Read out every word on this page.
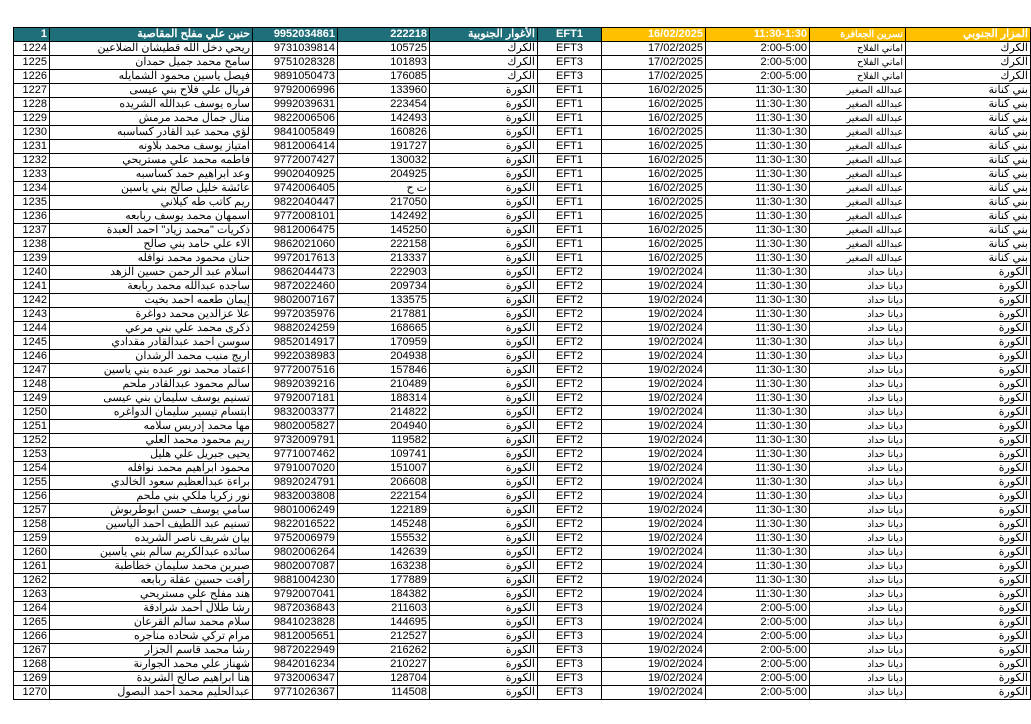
1	حنين علي مفلح المقاصبة	9952034861	222218	الأغوار الجنوبية	EFT1	16/02/2025	11:30-1:30	نسرين الجعافرة	المزار الجنوبي
1224	ريحي دخل الله قطيشان الضلاعين	9731039814	105725	الكرك	EFT3	17/02/2025	2:00-5:00	اماني الفلاح	الكرك
1225	سامح محمد جميل حمدان	9751028328	101893	الكرك	EFT3	17/02/2025	2:00-5:00	اماني الفلاح	الكرك
1226	فيصل ياسين محمود الشمايله	9891050473	176085	الكرك	EFT3	17/02/2025	2:00-5:00	اماني الفلاح	الكرك
1227	فريال علي فلاح بني عيسى	9792006996	133960	الكورة	EFT1	16/02/2025	11:30-1:30	عبدالله الصغير	بني كنانة
1228	ساره يوسف عبدالله الشريده	9992039631	223454	الكورة	EFT1	16/02/2025	11:30-1:30	عبدالله الصغير	بني كنانة
1229	منال جمال محمد مرمش	9822006506	142493	الكورة	EFT1	16/02/2025	11:30-1:30	عبدالله الصغير	بني كنانة
1230	لؤي محمد عبد القادر كساسبه	9841005849	160826	الكورة	EFT1	16/02/2025	11:30-1:30	عبدالله الصغير	بني كنانة
1231	امتياز يوسف محمد بلاونه	9812006414	191727	الكورة	EFT1	16/02/2025	11:30-1:30	عبدالله الصغير	بني كنانة
1232	فاطمه محمد علي مستريحي	9772007427	130032	الكورة	EFT1	16/02/2025	11:30-1:30	عبدالله الصغير	بني كنانة
1233	وعد ابراهيم حمد كساسبه	9902040925	204925	الكورة	EFT1	16/02/2025	11:30-1:30	عبدالله الصغير	بني كنانة
1234	عائشة خليل صالح بني ياسين	9742006405	ت ح	الكورة	EFT1	16/02/2025	11:30-1:30	عبدالله الصغير	بني كنانة
1235	ريم كاتب طه كيلاني	9822040447	217050	الكورة	EFT1	16/02/2025	11:30-1:30	عبدالله الصغير	بني كنانة
1236	اسمهان محمد يوسف ربابعه	9772008101	142492	الكورة	EFT1	16/02/2025	11:30-1:30	عبدالله الصغير	بني كنانة
1237	ذكريات "محمد زياد" احمد العبدة	9812006475	145250	الكورة	EFT1	16/02/2025	11:30-1:30	عبدالله الصغير	بني كنانة
1238	الاء علي حامد بني صالح	9862021060	222158	الكورة	EFT1	16/02/2025	11:30-1:30	عبدالله الصغير	بني كنانة
1239	حنان محمود محمد نوافله	9972017613	213337	الكورة	EFT1	16/02/2025	11:30-1:30	عبدالله الصغير	بني كنانة
1240	اسلام عبد الرحمن حسين الزهد	9862044473	222903	الكورة	EFT2	19/02/2024	11:30-1:30	ديانا حداد	الكورة
1241	ساجده عبدالله محمد ربابعة	9872022460	209734	الكورة	EFT2	19/02/2024	11:30-1:30	ديانا حداد	الكورة
1242	إيمان طعمه احمد بخيت	9802007167	133575	الكورة	EFT2	19/02/2024	11:30-1:30	ديانا حداد	الكورة
1243	علا عزالدين محمد دواغرة	9972035976	217881	الكورة	EFT2	19/02/2024	11:30-1:30	ديانا حداد	الكورة
1244	ذكرى محمد علي بني مرعي	9882024259	168665	الكورة	EFT2	19/02/2024	11:30-1:30	ديانا حداد	الكورة
1245	سوسن احمد عبدالقادر مقدادي	9852014917	170959	الكورة	EFT2	19/02/2024	11:30-1:30	ديانا حداد	الكورة
1246	اريج منيب محمد الرشدان	9922038983	204938	الكورة	EFT2	19/02/2024	11:30-1:30	ديانا حداد	الكورة
1247	اعتماد محمد نور عبده بني ياسين	9772007516	157846	الكورة	EFT2	19/02/2024	11:30-1:30	ديانا حداد	الكورة
1248	سالم محمود عبدالقادر ملحم	9892039216	210489	الكورة	EFT2	19/02/2024	11:30-1:30	ديانا حداد	الكورة
1249	تسنيم يوسف سليمان بني عيسى	9792007181	188314	الكورة	EFT2	19/02/2024	11:30-1:30	ديانا حداد	الكورة
1250	ابتسام تيسير سليمان الدواغره	9832003377	214822	الكورة	EFT2	19/02/2024	11:30-1:30	ديانا حداد	الكورة
1251	مها محمد إدريس سلامه	9802005827	204940	الكورة	EFT2	19/02/2024	11:30-1:30	ديانا حداد	الكورة
1252	ريم محمود محمد العلي	9732009791	119582	الكورة	EFT2	19/02/2024	11:30-1:30	ديانا حداد	الكورة
1253	يحيى جبريل علي هليل	9771007462	109741	الكورة	EFT2	19/02/2024	11:30-1:30	ديانا حداد	الكورة
1254	محمود ابراهيم محمد نوافله	9791007020	151007	الكورة	EFT2	19/02/2024	11:30-1:30	ديانا حداد	الكورة
1255	براءة عبدالعظيم سعود الخالدي	9892024791	206608	الكورة	EFT2	19/02/2024	11:30-1:30	ديانا حداد	الكورة
1256	نور زكريا ملكي بني ملحم	9832003808	222154	الكورة	EFT2	19/02/2024	11:30-1:30	ديانا حداد	الكورة
1257	سامي يوسف حسن ابوطربوش	9801006249	122189	الكورة	EFT2	19/02/2024	11:30-1:30	ديانا حداد	الكورة
1258	تسنيم عبد اللطيف احمد الياسين	9822016522	145248	الكورة	EFT2	19/02/2024	11:30-1:30	ديانا حداد	الكورة
1259	بيان شريف ناصر الشريده	9752006979	155532	الكورة	EFT2	19/02/2024	11:30-1:30	ديانا حداد	الكورة
1260	سائده عبدالكريم سالم بني ياسين	9802006264	142639	الكورة	EFT2	19/02/2024	11:30-1:30	ديانا حداد	الكورة
1261	صبرين محمد سليمان خطاطبة	9802007087	163238	الكورة	EFT2	19/02/2024	11:30-1:30	ديانا حداد	الكورة
1262	رأفت حسين عقلة ربابعه	9881004230	177889	الكورة	EFT2	19/02/2024	11:30-1:30	ديانا حداد	الكورة
1263	هند مفلح علي مستريحي	9792007041	184382	الكورة	EFT2	19/02/2024	11:30-1:30	ديانا حداد	الكورة
1264	رشا طلال أحمد شرادقة	9872036843	211603	الكورة	EFT3	19/02/2024	2:00-5:00	ديانا حداد	الكورة
1265	سلام محمد سالم القرعان	9841023828	144695	الكورة	EFT3	19/02/2024	2:00-5:00	ديانا حداد	الكورة
1266	مرام تركي شحاده مناجره	9812005651	212527	الكورة	EFT3	19/02/2024	2:00-5:00	ديانا حداد	الكورة
1267	رشا محمد قاسم الجزار	9872022949	216262	الكورة	EFT3	19/02/2024	2:00-5:00	ديانا حداد	الكورة
1268	شهناز علي محمد الجوارنة	9842016234	210227	الكورة	EFT3	19/02/2024	2:00-5:00	ديانا حداد	الكورة
1269	هنا ابراهيم صالح الشريدة	9732006347	128704	الكورة	EFT3	19/02/2024	2:00-5:00	ديانا حداد	الكورة
1270	عبدالحليم محمد أحمد البصول	9771026367	114508	الكورة	EFT3	19/02/2024	2:00-5:00	ديانا حداد	الكورة
